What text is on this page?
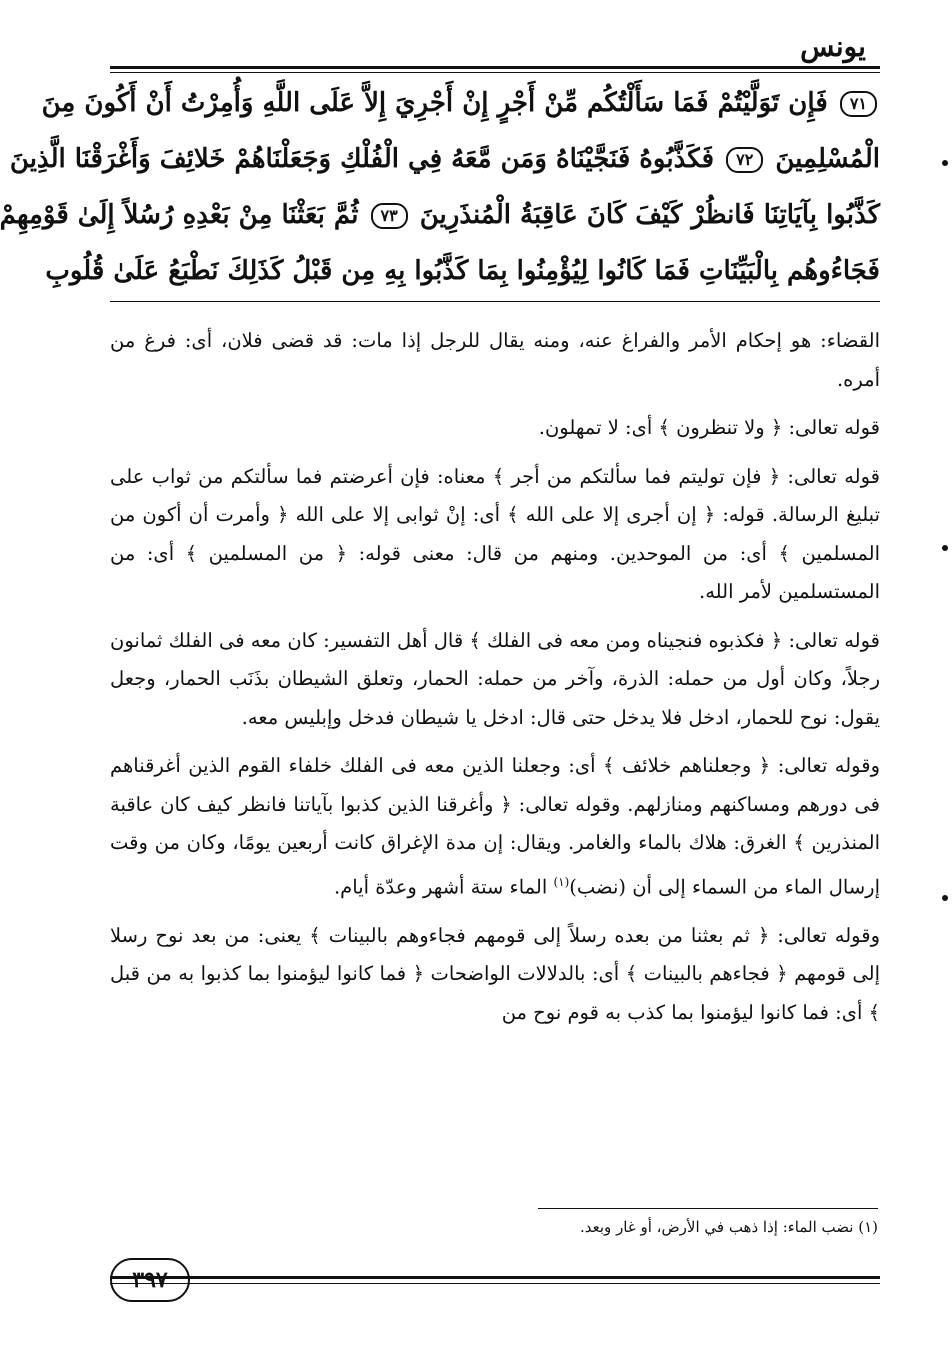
يونس
٧١ فَإِن تَوَلَّيْتُمْ فَمَا سَأَلْتُكُم مِّنْ أَجْرٍ إِنْ أَجْرِيَ إِلاَّ عَلَى اللَّهِ وَأُمِرْتُ أَنْ أَكُونَ مِنَ
الْمُسْلِمِينَ ٧٢ فَكَذَّبُوهُ فَنَجَّيْنَاهُ وَمَن مَّعَهُ فِي الْفُلْكِ وَجَعَلْنَاهُمْ خَلائِفَ وَأَغْرَقْنَا الَّذِينَ
كَذَّبُوا بِآيَاتِنَا فَانظُرْ كَيْفَ كَانَ عَاقِبَةُ الْمُنذَرِينَ ٧٣ ثُمَّ بَعَثْنَا مِنْ بَعْدِهِ رُسُلاً إِلَىٰ قَوْمِهِمْ
فَجَاءُوهُم بِالْبَيِّنَاتِ فَمَا كَانُوا لِيُؤْمِنُوا بِمَا كَذَّبُوا بِهِ مِن قَبْلُ كَذَلِكَ نَطْبَعُ عَلَىٰ قُلُوبِ

القضاء: هو إحكام الأمر والفراغ عنه، ومنه يقال للرجل إذا مات: قد قضى فلان، أى: فرغ من أمره.

قوله تعالى: ﴿ ولا تنظرون ﴾ أى: لا تمهلون.

قوله تعالى: ﴿ فإن توليتم فما سألتكم من أجر ﴾ معناه: فإن أعرضتم فما سألتكم من ثواب على تبليغ الرسالة. قوله: ﴿ إن أجرى إلا على الله ﴾ أى: إنْ ثوابى إلا على الله ﴿ وأمرت أن أكون من المسلمين ﴾ أى: من الموحدين. ومنهم من قال: معنى قوله: ﴿ من المسلمين ﴾ أى: من المستسلمين لأمر الله.

قوله تعالى: ﴿ فكذبوه فنجيناه ومن معه فى الفلك ﴾ قال أهل التفسير: كان معه فى الفلك ثمانون رجلاً، وكان أول من حمله: الذرة، وآخر من حمله: الحمار، وتعلق الشيطان بذَنَب الحمار، وجعل يقول: نوح للحمار، ادخل فلا يدخل حتى قال: ادخل يا شيطان فدخل وإبليس معه.

وقوله تعالى: ﴿ وجعلناهم خلائف ﴾ أى: وجعلنا الذين معه فى الفلك خلفاء القوم الذين أغرقناهم فى دورهم ومساكنهم ومنازلهم. وقوله تعالى: ﴿ وأغرقنا الذين كذبوا بآياتنا فانظر كيف كان عاقبة المنذرين ﴾ الغرق: هلاك بالماء والغامر. ويقال: إن مدة الإغراق كانت أربعين يومًا، وكان من وقت إرسال الماء من السماء إلى أن (نضب)$^{(١)}$ الماء ستة أشهر وعدّة أيام.

وقوله تعالى: ﴿ ثم بعثنا من بعده رسلاً إلى قومهم فجاءوهم بالبينات ﴾ يعنى: من بعد نوح رسلا إلى قومهم ﴿ فجاءهم بالبينات ﴾ أى: بالدلالات الواضحات ﴿ فما كانوا ليؤمنوا بما كذبوا به من قبل ﴾ أى: فما كانوا ليؤمنوا بما كذب به قوم نوح من

(١) نضب الماء: إذا ذهب في الأرض، أو غار وبعد.
٣٩٧
